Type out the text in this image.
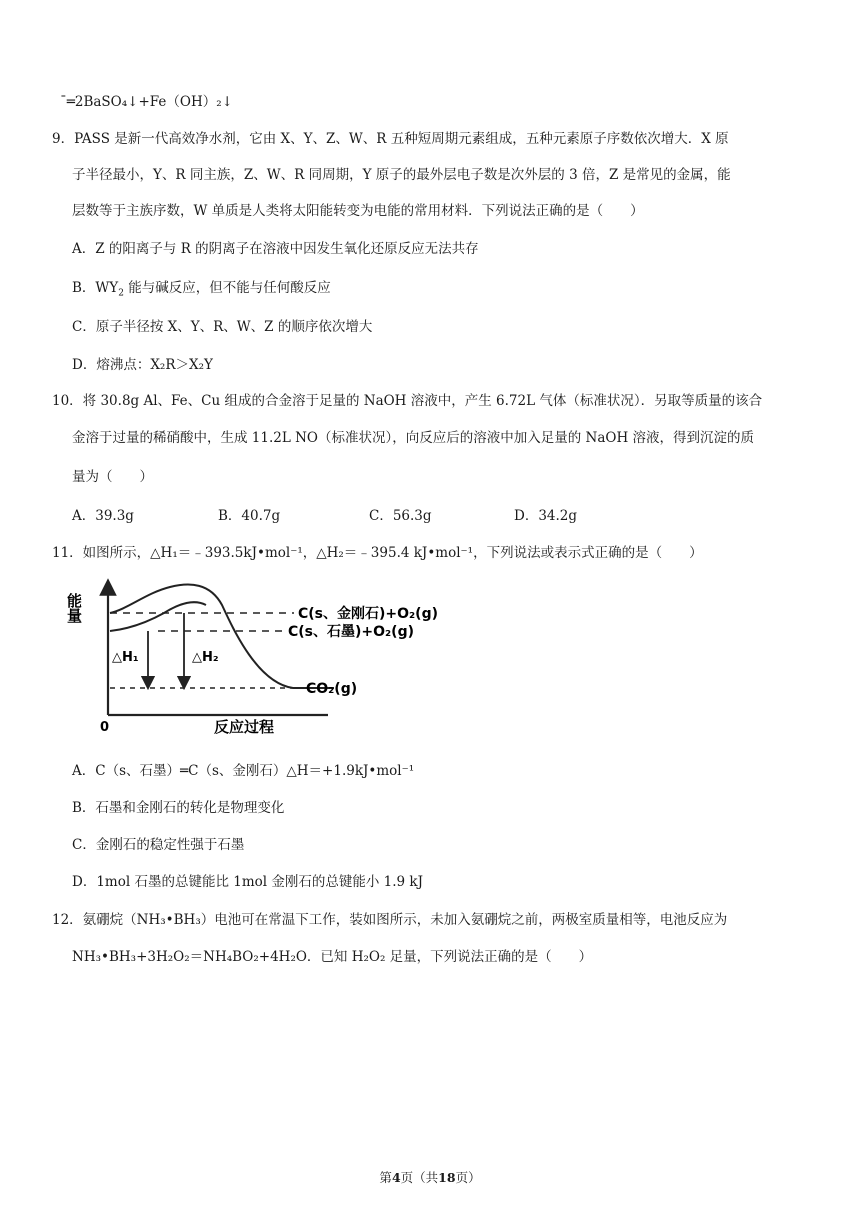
ˉ═2BaSO₄↓+Fe（OH）₂↓
9．PASS 是新一代高效净水剂，它由 X、Y、Z、W、R 五种短周期元素组成，五种元素原子序数依次增大．X 原
子半径最小，Y、R 同主族，Z、W、R 同周期，Y 原子的最外层电子数是次外层的 3 倍，Z 是常见的金属，能
层数等于主族序数，W 单质是人类将太阳能转变为电能的常用材料．下列说法正确的是（　　）
A．Z 的阳离子与 R 的阴离子在溶液中因发生氧化还原反应无法共存
B．$WY_2$ 能与碱反应，但不能与任何酸反应
C．原子半径按 X、Y、R、W、Z 的顺序依次增大
D．熔沸点：X₂R＞X₂Y
10．将 30.8g Al、Fe、Cu 组成的合金溶于足量的 NaOH 溶液中，产生 6.72L 气体（标准状况）．另取等质量的该合
金溶于过量的稀硝酸中，生成 11.2L NO（标准状况），向反应后的溶液中加入足量的 NaOH 溶液，得到沉淀的质
量为（　　）
A．39.3g	B．40.7g	C．56.3g	D．34.2g
11．如图所示，△H₁＝﹣393.5kJ•mol⁻¹，△H₂＝﹣395.4 kJ•mol⁻¹，下列说法或表示式正确的是（　　）
能量
0	反应过程
△H₁	△H₂
C(s、金刚石)+O₂(g)
C(s、石墨)+O₂(g)
CO₂(g)
A．C（s、石墨）═C（s、金刚石）△H＝+1.9kJ•mol⁻¹
B．石墨和金刚石的转化是物理变化
C．金刚石的稳定性强于石墨
D．1mol 石墨的总键能比 1mol 金刚石的总键能小 1.9 kJ
12．氨硼烷（NH₃•BH₃）电池可在常温下工作，装如图所示，未加入氨硼烷之前，两极室质量相等，电池反应为
NH₃•BH₃+3H₂O₂＝NH₄BO₂+4H₂O．已知 H₂O₂ 足量，下列说法正确的是（　　）
第4页（共18页）
